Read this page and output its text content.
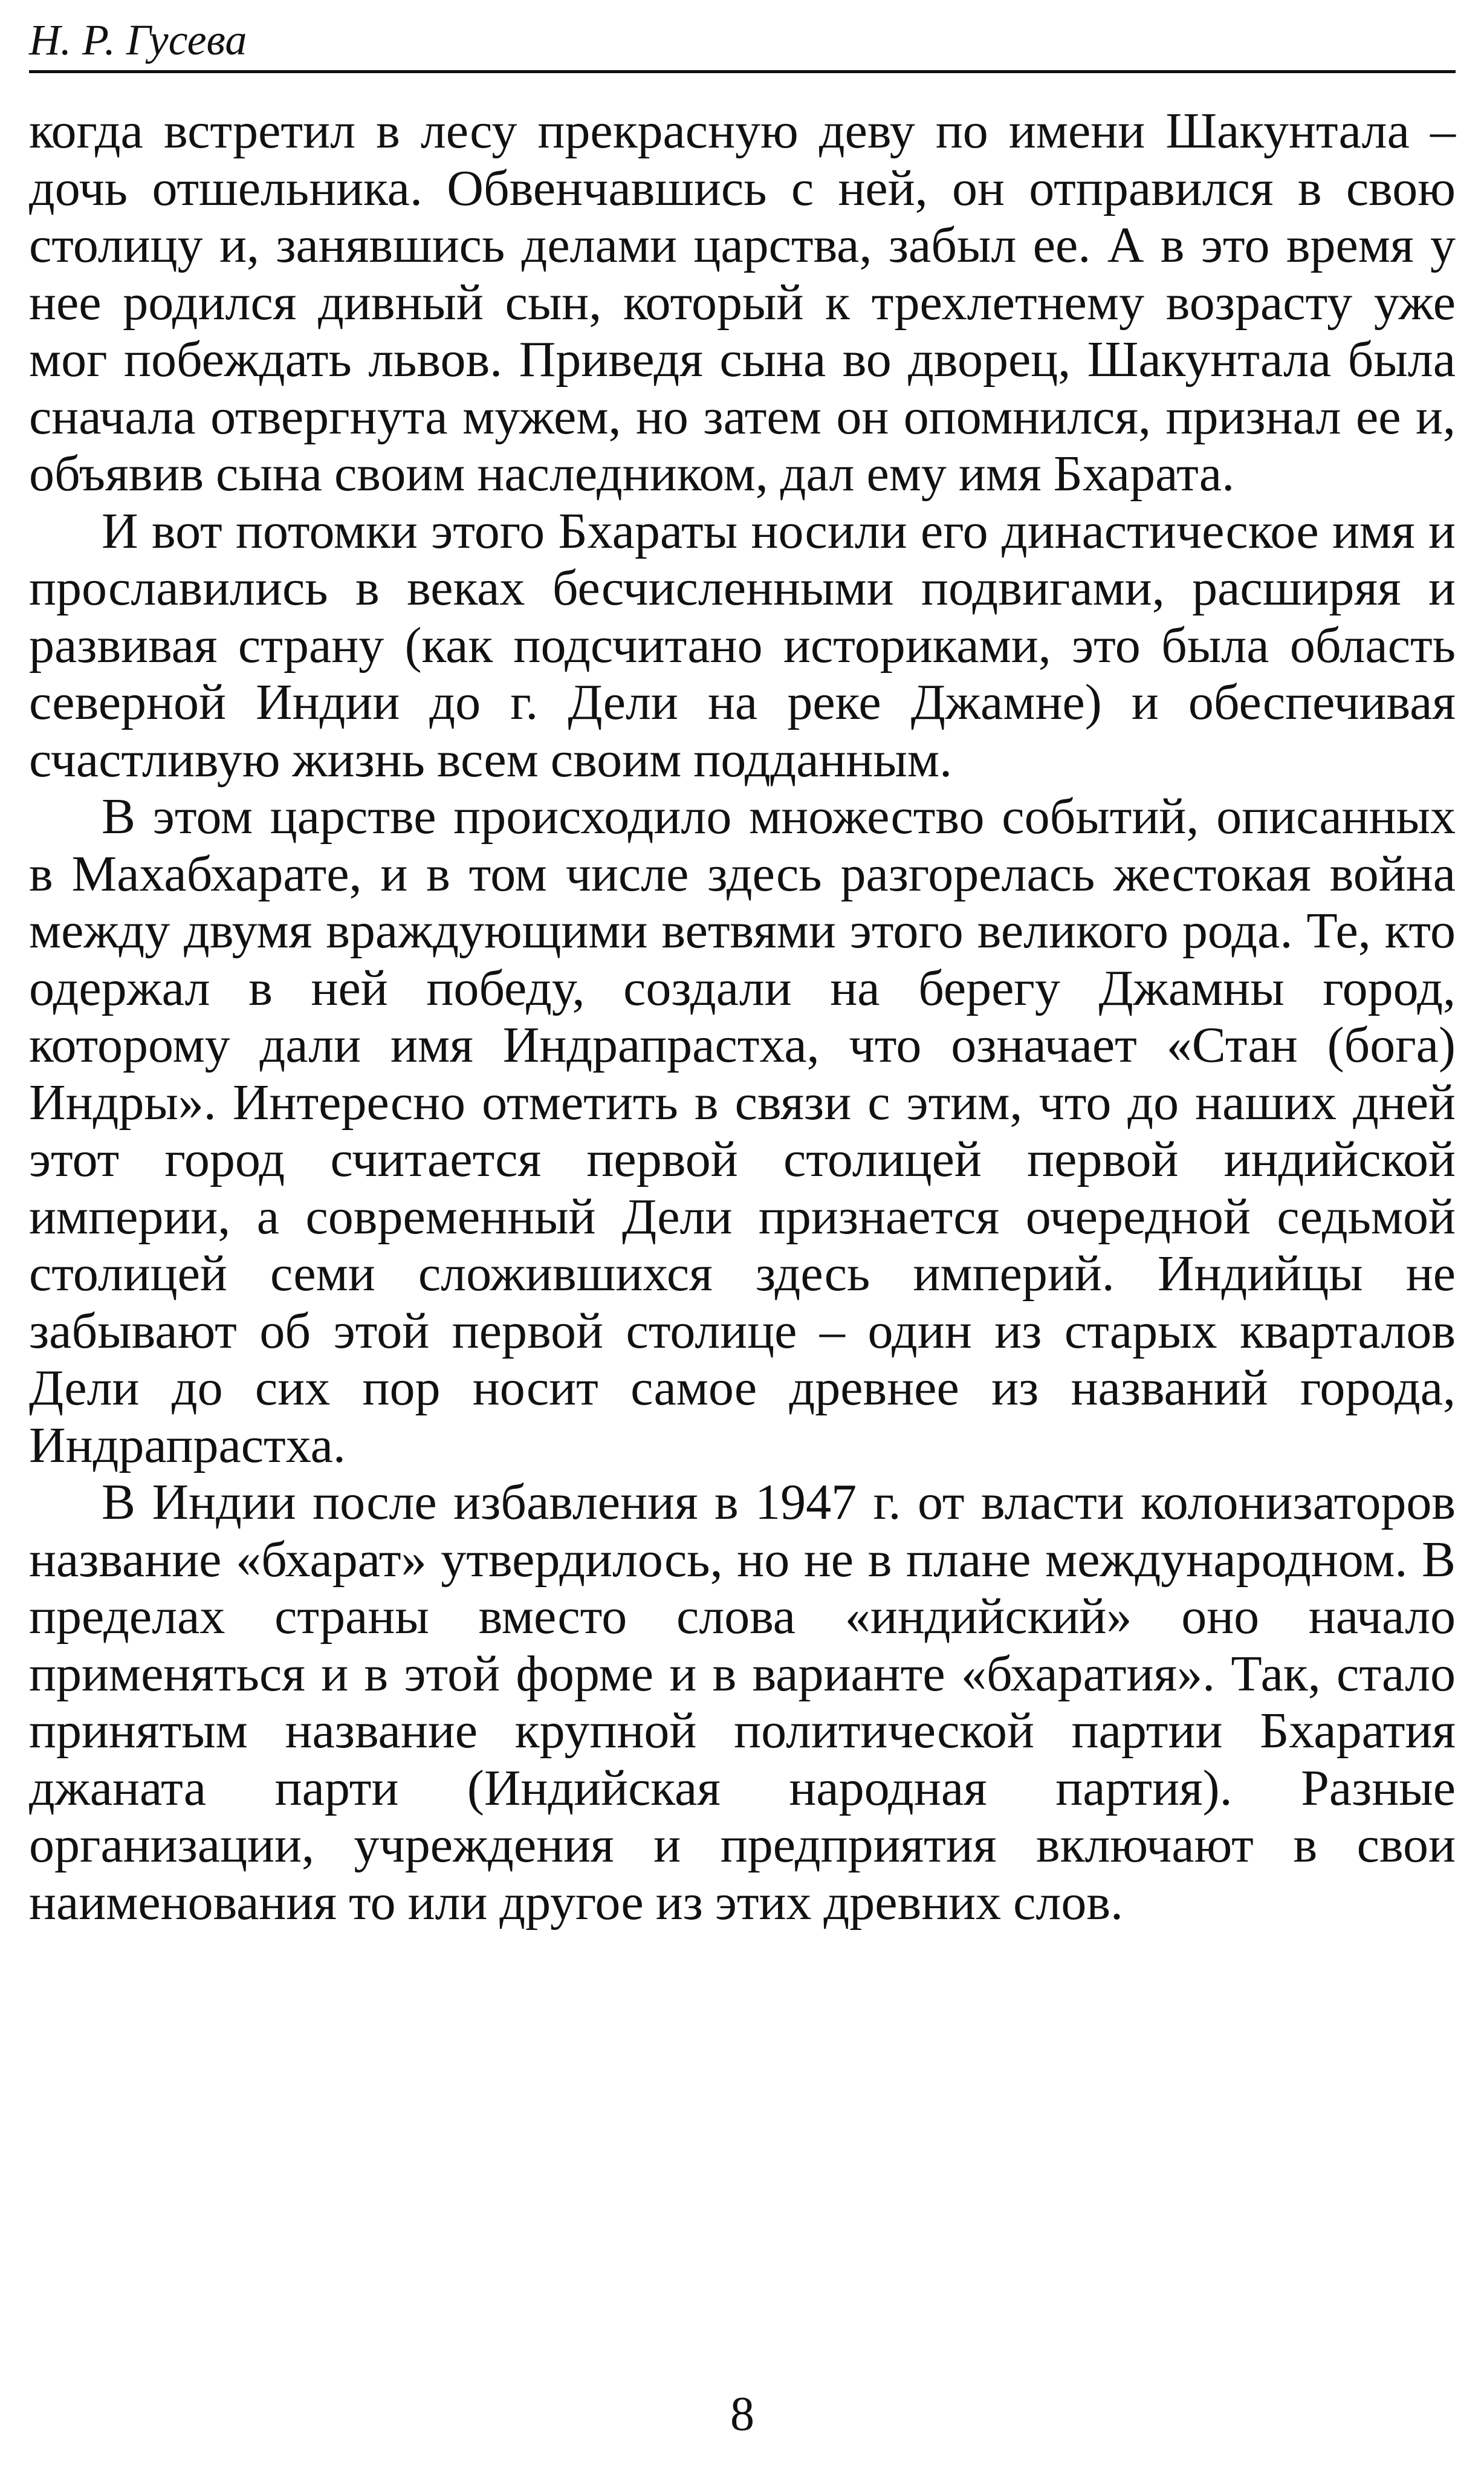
Н. Р. Гусева

когда встретил в лесу прекрасную деву по имени Шакунтала – дочь отшельника. Обвенчавшись с ней, он отправился в свою столицу и, занявшись делами царства, забыл ее. А в это время у нее родился дивный сын, который к трехлетнему возрасту уже мог побеждать львов. Приведя сына во дворец, Шакунтала была сначала отвергнута мужем, но затем он опомнился, признал ее и, объявив сына своим наследником, дал ему имя Бхарата.

И вот потомки этого Бхараты носили его династическое имя и прославились в веках бесчисленными подвигами, расширяя и развивая страну (как подсчитано историками, это была область северной Индии до г. Дели на реке Джамне) и обеспечивая счастливую жизнь всем своим подданным.

В этом царстве происходило множество событий, описанных в Махабхарате, и в том числе здесь разгорелась жестокая война между двумя враждующими ветвями этого великого рода. Те, кто одержал в ней победу, создали на берегу Джамны город, которому дали имя Индрапрастха, что означает «Стан (бога) Индры». Интересно отметить в связи с этим, что до наших дней этот город считается первой столицей первой индийской империи, а современный Дели признается очередной седьмой столицей семи сложившихся здесь империй. Индийцы не забывают об этой первой столице – один из старых кварталов Дели до сих пор носит самое древнее из названий города, Индрапрастха.

В Индии после избавления в 1947 г. от власти колонизаторов название «бхарат» утвердилось, но не в плане международном. В пределах страны вместо слова «индийский» оно начало применяться и в этой форме и в варианте «бхаратия». Так, стало принятым название крупной политической партии Бхаратия джаната парти (Индийская народная партия). Разные организации, учреждения и предприятия включают в свои наименования то или другое из этих древних слов.

8
